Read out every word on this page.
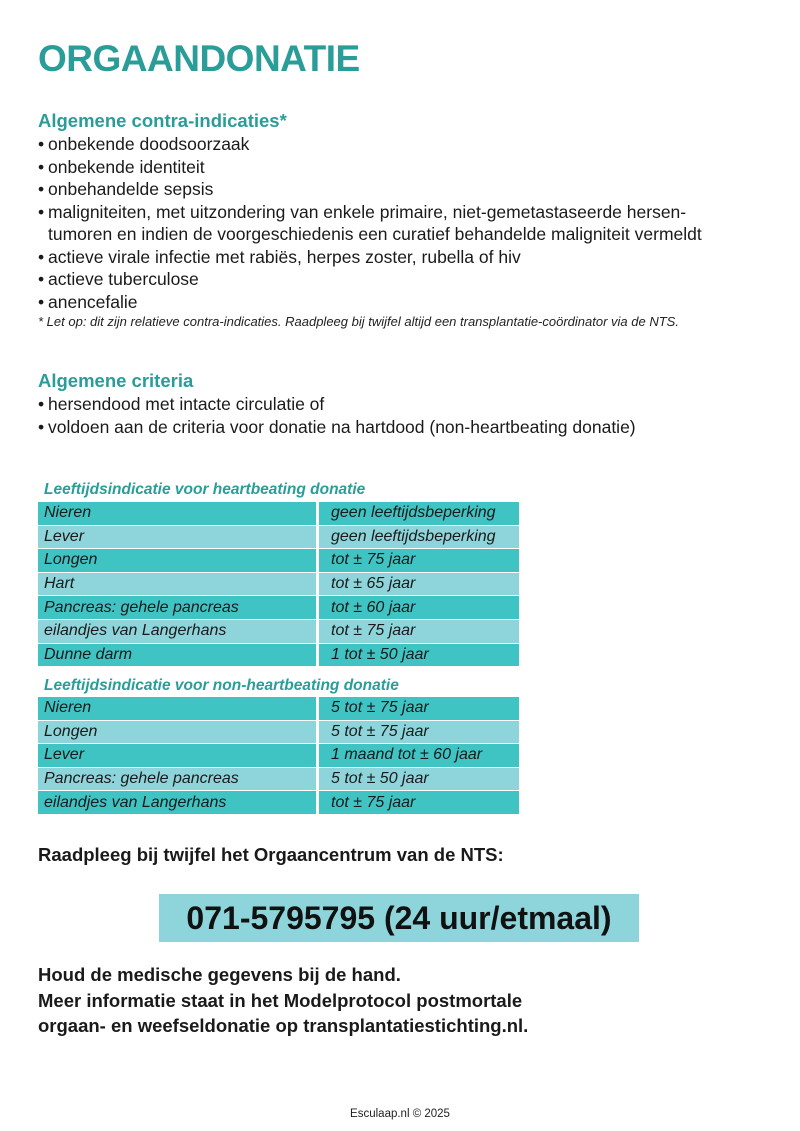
ORGAANDONATIE
Algemene contra-indicaties*
• onbekende doodsoorzaak
• onbekende identiteit
• onbehandelde sepsis
• maligniteiten, met uitzondering van enkele primaire, niet-gemetastaseerde hersen-
tumoren en indien de voorgeschiedenis een curatief behandelde maligniteit vermeldt
• actieve virale infectie met rabiës, herpes zoster, rubella of hiv
• actieve tuberculose
• anencefalie
* Let op: dit zijn relatieve contra-indicaties. Raadpleeg bij twijfel altijd een transplantatie-coördinator via de NTS.
Algemene criteria
• hersendood met intacte circulatie of
• voldoen aan de criteria voor donatie na hartdood (non-heartbeating donatie)
Leeftijdsindicatie voor heartbeating donatie
Nieren	geen leeftijdsbeperking
Lever	geen leeftijdsbeperking
Longen	tot ± 75 jaar
Hart	tot ± 65 jaar
Pancreas: gehele pancreas	tot ± 60 jaar
eilandjes van Langerhans	tot ± 75 jaar
Dunne darm	1 tot ± 50 jaar
Leeftijdsindicatie voor non-heartbeating donatie
Nieren	5 tot ± 75 jaar
Longen	5 tot ± 75 jaar
Lever	1 maand tot ± 60 jaar
Pancreas: gehele pancreas	5 tot ± 50 jaar
eilandjes van Langerhans	tot ± 75 jaar

Raadpleeg bij twijfel het Orgaancentrum van de NTS:

071-5795795 (24 uur/etmaal)
Houd de medische gegevens bij de hand.
Meer informatie staat in het Modelprotocol postmortale
orgaan- en weefseldonatie op transplantatiestichting.nl.
Esculaap.nl © 2025
